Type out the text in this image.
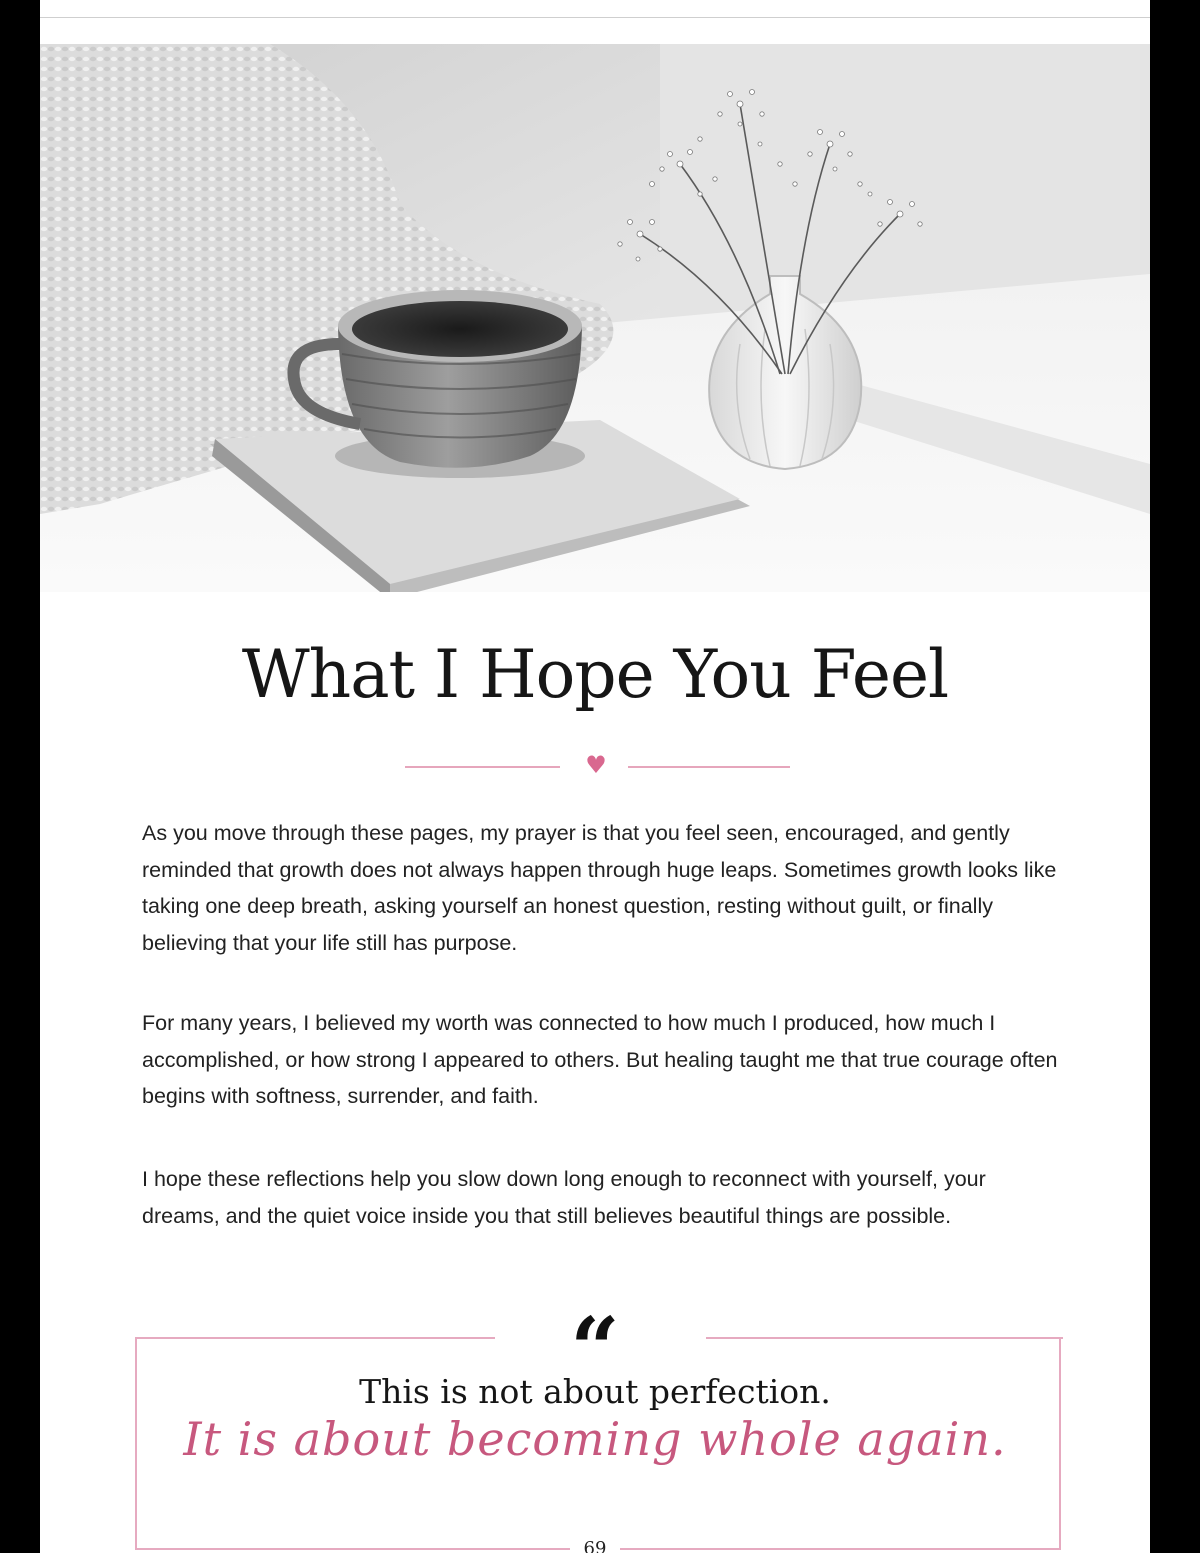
What I Hope You Feel
♥

As you move through these pages, my prayer is that you feel seen, encouraged, and gently reminded that growth does not always happen through huge leaps. Sometimes growth looks like taking one deep breath, asking yourself an honest question, resting without guilt, or finally believing that your life still has purpose.

For many years, I believed my worth was connected to how much I produced, how much I accomplished, or how strong I appeared to others. But healing taught me that true courage often begins with softness, surrender, and faith.

I hope these reflections help you slow down long enough to reconnect with yourself, your dreams, and the quiet voice inside you that still believes beautiful things are possible.

“
This is not about perfection.
It is about becoming whole again.
69
